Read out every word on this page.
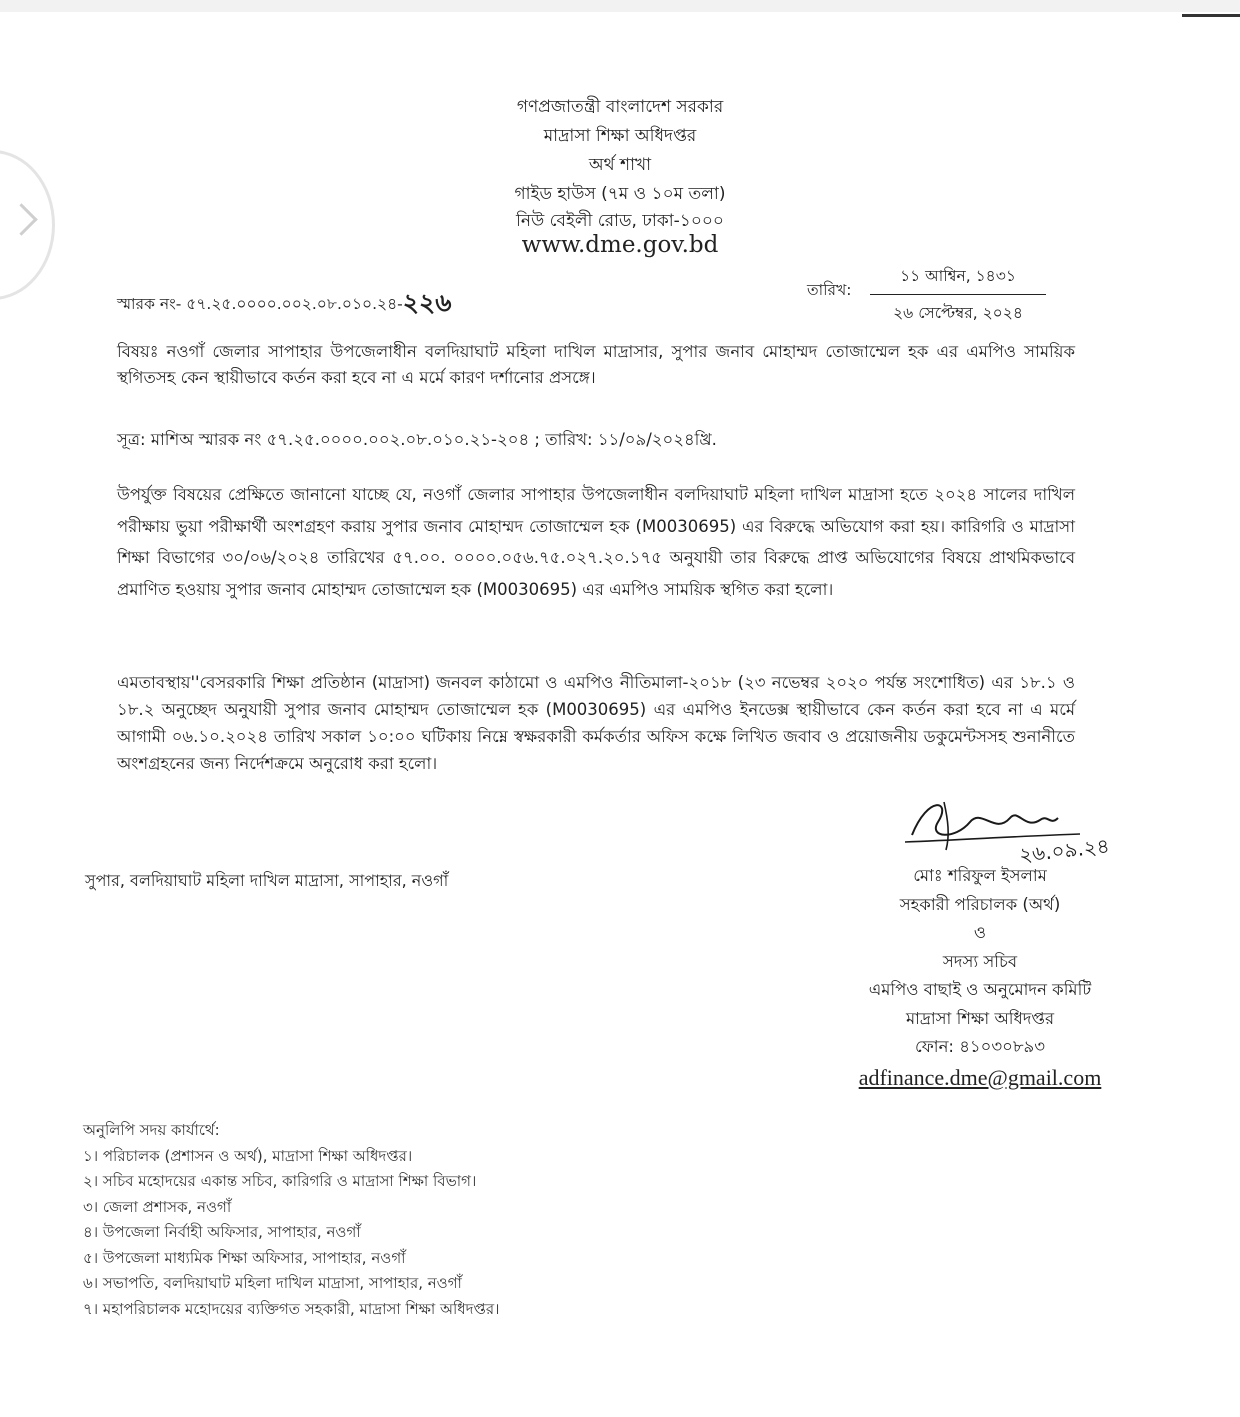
গণপ্রজাতন্ত্রী বাংলাদেশ সরকার
মাদ্রাসা শিক্ষা অধিদপ্তর
অর্থ শাখা
গাইড হাউস (৭ম ও ১০ম তলা)
নিউ বেইলী রোড, ঢাকা-১০০০
www.dme.gov.bd
স্মারক নং- ৫৭.২৫.০০০০.০০২.০৮.০১০.২৪-২২৬	তারিখ:
১১ আশ্বিন, ১৪৩১
২৬ সেপ্টেম্বর, ২০২৪
বিষয়ঃ নওগাঁ জেলার সাপাহার উপজেলাধীন বলদিয়াঘাট মহিলা দাখিল মাদ্রাসার, সুপার জনাব মোহাম্মদ তোজাম্মেল হক এর এমপিও সাময়িক স্থগিতসহ কেন স্থায়ীভাবে কর্তন করা হবে না এ মর্মে কারণ দর্শানোর প্রসঙ্গে।
সূত্র: মাশিঅ স্মারক নং ৫৭.২৫.০০০০.০০২.০৮.০১০.২১-২০৪ ; তারিখ: ১১/০৯/২০২৪খ্রি.
উপর্যুক্ত বিষয়ের প্রেক্ষিতে জানানো যাচ্ছে যে, নওগাঁ জেলার সাপাহার উপজেলাধীন বলদিয়াঘাট মহিলা দাখিল মাদ্রাসা হতে ২০২৪ সালের দাখিল পরীক্ষায় ভুয়া পরীক্ষার্থী অংশগ্রহণ করায় সুপার জনাব মোহাম্মদ তোজাম্মেল হক (M0030695) এর বিরুদ্ধে অভিযোগ করা হয়। কারিগরি ও মাদ্রাসা শিক্ষা বিভাগের ৩০/০৬/২০২৪ তারিখের ৫৭.০০. ০০০০.০৫৬.৭৫.০২৭.২০.১৭৫ অনুযায়ী তার বিরুদ্ধে প্রাপ্ত অভিযোগের বিষয়ে প্রাথমিকভাবে প্রমাণিত হওয়ায় সুপার জনাব মোহাম্মদ তোজাম্মেল হক (M0030695) এর এমপিও সাময়িক স্থগিত করা হলো।
এমতাবস্থায়''বেসরকারি শিক্ষা প্রতিষ্ঠান (মাদ্রাসা) জনবল কাঠামো ও এমপিও নীতিমালা-২০১৮ (২৩ নভেম্বর ২০২০ পর্যন্ত সংশোধিত) এর ১৮.১ ও ১৮.২ অনুচ্ছেদ অনুযায়ী সুপার জনাব মোহাম্মদ তোজাম্মেল হক (M0030695) এর এমপিও ইনডেক্স স্থায়ীভাবে কেন কর্তন করা হবে না এ মর্মে আগামী ০৬.১০.২০২৪ তারিখ সকাল ১০:০০ ঘটিকায় নিম্নে স্বক্ষরকারী কর্মকর্তার অফিস কক্ষে লিখিত জবাব ও প্রয়োজনীয় ডকুমেন্টসসহ শুনানীতে অংশগ্রহনের জন্য নির্দেশক্রমে অনুরোধ করা হলো।
সুপার, বলদিয়াঘাট মহিলা দাখিল মাদ্রাসা, সাপাহার, নওগাঁ
২৬.০৯.২৪
মোঃ শরিফুল ইসলাম
সহকারী পরিচালক (অর্থ)
ও
সদস্য সচিব
এমপিও বাছাই ও অনুমোদন কমিটি
মাদ্রাসা শিক্ষা অধিদপ্তর
ফোন: ৪১০৩০৮৯৩
adfinance.dme@gmail.com
অনুলিপি সদয় কার্যার্থে:
১। পরিচালক (প্রশাসন ও অর্থ), মাদ্রাসা শিক্ষা অধিদপ্তর।
২। সচিব মহোদয়ের একান্ত সচিব, কারিগরি ও মাদ্রাসা শিক্ষা বিভাগ।
৩। জেলা প্রশাসক, নওগাঁ
৪। উপজেলা নির্বাহী অফিসার, সাপাহার, নওগাঁ
৫। উপজেলা মাধ্যমিক শিক্ষা অফিসার, সাপাহার, নওগাঁ
৬। সভাপতি, বলদিয়াঘাট মহিলা দাখিল মাদ্রাসা, সাপাহার, নওগাঁ
৭। মহাপরিচালক মহোদয়ের ব্যক্তিগত সহকারী, মাদ্রাসা শিক্ষা অধিদপ্তর।
